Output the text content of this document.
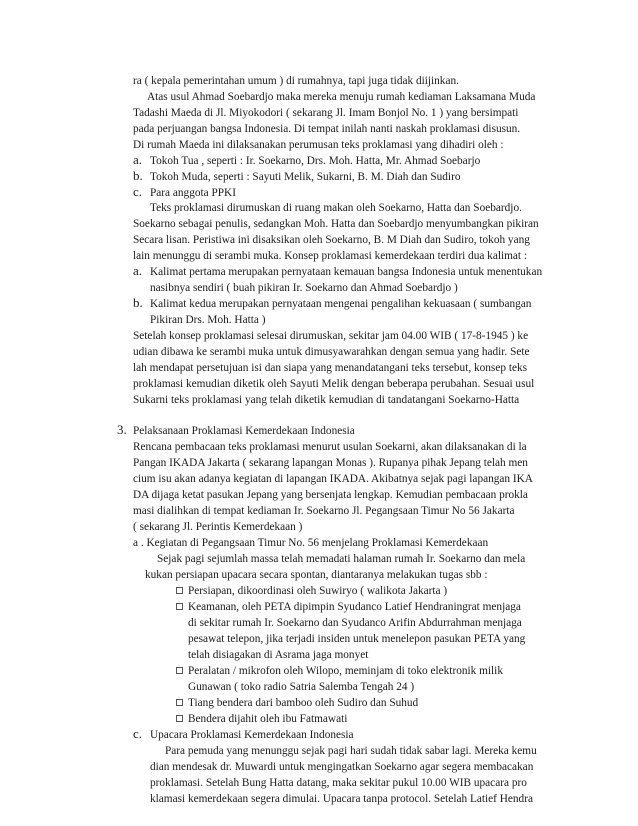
ra ( kepala pemerintahan umum ) di rumahnya, tapi juga tidak diijinkan.
Atas usul Ahmad Soebardjo maka mereka menuju rumah kediaman Laksamana Muda
Tadashi Maeda di Jl. Miyokodori ( sekarang Jl. Imam Bonjol No. 1 ) yang bersimpati
pada perjuangan bangsa Indonesia. Di tempat inilah nanti naskah proklamasi disusun.
Di rumah Maeda ini dilaksanakan perumusan teks proklamasi yang dihadiri oleh :
a. Tokoh Tua , seperti : Ir. Soekarno, Drs. Moh. Hatta, Mr. Ahmad Soebarjo
b. Tokoh Muda, seperti : Sayuti Melik, Sukarni, B. M. Diah dan Sudiro
c. Para anggota PPKI
Teks proklamasi dirumuskan di ruang makan oleh Soekarno, Hatta dan Soebardjo.
Soekarno sebagai penulis, sedangkan Moh. Hatta dan Soebardjo menyumbangkan pikiran
Secara lisan. Peristiwa ini disaksikan oleh Soekarno, B. M Diah dan Sudiro, tokoh yang
lain menunggu di serambi muka. Konsep proklamasi kemerdekaan terdiri dua kalimat :
a. Kalimat pertama merupakan pernyataan kemauan bangsa Indonesia untuk menentukan
nasibnya sendiri ( buah pikiran Ir. Soekarno dan Ahmad Soebardjo )
b. Kalimat kedua merupakan pernyataan mengenai pengalihan kekuasaan ( sumbangan
Pikiran Drs. Moh. Hatta )
Setelah konsep proklamasi selesai dirumuskan, sekitar jam 04.00 WIB ( 17-8-1945 ) ke
udian dibawa ke serambi muka untuk dimusyawarahkan dengan semua yang hadir. Sete
lah mendapat persetujuan isi dan siapa yang menandatangani teks tersebut, konsep teks
proklamasi kemudian diketik oleh Sayuti Melik dengan beberapa perubahan. Sesuai usul
Sukarni teks proklamasi yang telah diketik kemudian di tandatangani Soekarno-Hatta
3. Pelaksanaan Proklamasi Kemerdekaan Indonesia
Rencana pembacaan teks proklamasi menurut usulan Soekarni, akan dilaksanakan di la
Pangan IKADA Jakarta ( sekarang lapangan Monas ). Rupanya pihak Jepang telah men
cium isu akan adanya kegiatan di lapangan IKADA. Akibatnya sejak pagi lapangan IKA
DA dijaga ketat pasukan Jepang yang bersenjata lengkap. Kemudian pembacaan prokla
masi dialihkan di tempat kediaman Ir. Soekarno Jl. Pegangsaan Timur No 56 Jakarta
( sekarang Jl. Perintis Kemerdekaan )
a . Kegiatan di Pegangsaan Timur No. 56 menjelang Proklamasi Kemerdekaan
Sejak pagi sejumlah massa telah memadati halaman rumah Ir. Soekarno dan mela
kukan persiapan upacara secara spontan, diantaranya melakukan tugas sbb :
Persiapan, dikoordinasi oleh Suwiryo ( walikota Jakarta )
Keamanan, oleh PETA dipimpin Syudanco Latief Hendraningrat menjaga
di sekitar rumah Ir. Soekarno dan Syudanco Arifin Abdurrahman menjaga
pesawat telepon, jika terjadi insiden untuk menelepon pasukan PETA yang
telah disiagakan di Asrama jaga monyet
Peralatan / mikrofon oleh Wilopo, meminjam di toko elektronik milik
Gunawan ( toko radio Satria Salemba Tengah 24 )
Tiang bendera dari bamboo oleh Sudiro dan Suhud
Bendera dijahit oleh ibu Fatmawati
c. Upacara Proklamasi Kemerdekaan Indonesia
Para pemuda yang menunggu sejak pagi hari sudah tidak sabar lagi. Mereka kemu
dian mendesak dr. Muwardi untuk mengingatkan Soekarno agar segera membacakan
proklamasi. Setelah Bung Hatta datang, maka sekitar pukul 10.00 WIB upacara pro
klamasi kemerdekaan segera dimulai. Upacara tanpa protocol. Setelah Latief Hendra
